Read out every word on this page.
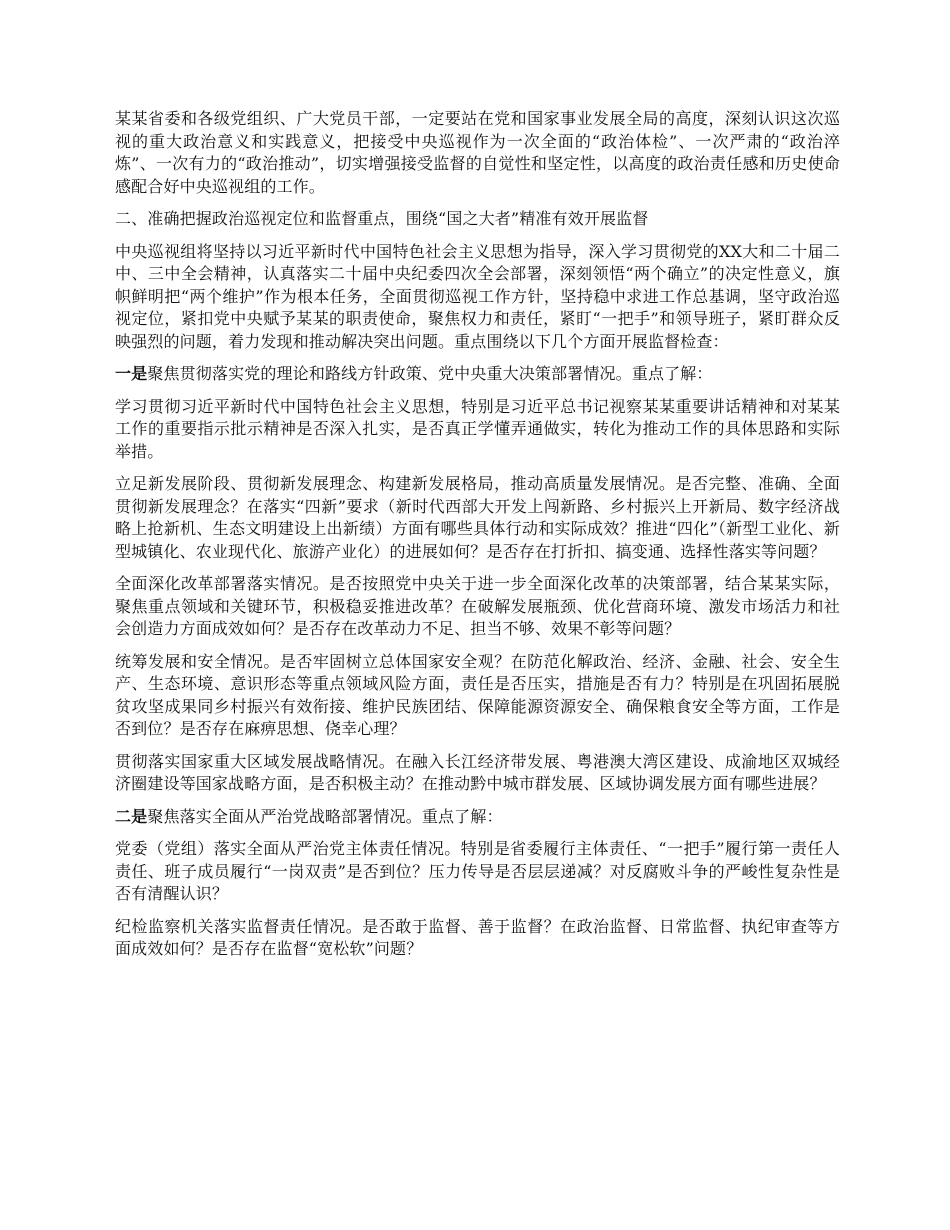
某某省委和各级党组织、广大党员干部，一定要站在党和国家事业发展全局的高度，深刻认识这次巡视的重大政治意义和实践意义，把接受中央巡视作为一次全面的“政治体检”、一次严肃的“政治淬炼”、一次有力的“政治推动”，切实增强接受监督的自觉性和坚定性，以高度的政治责任感和历史使命感配合好中央巡视组的工作。

二、准确把握政治巡视定位和监督重点，围绕“国之大者”精准有效开展监督

中央巡视组将坚持以习近平新时代中国特色社会主义思想为指导，深入学习贯彻党的XX大和二十届二中、三中全会精神，认真落实二十届中央纪委四次全会部署，深刻领悟“两个确立”的决定性意义，旗帜鲜明把“两个维护”作为根本任务，全面贯彻巡视工作方针，坚持稳中求进工作总基调，坚守政治巡视定位，紧扣党中央赋予某某的职责使命，聚焦权力和责任，紧盯“一把手”和领导班子，紧盯群众反映强烈的问题，着力发现和推动解决突出问题。重点围绕以下几个方面开展监督检查：

一是聚焦贯彻落实党的理论和路线方针政策、党中央重大决策部署情况。重点了解：

学习贯彻习近平新时代中国特色社会主义思想，特别是习近平总书记视察某某重要讲话精神和对某某工作的重要指示批示精神是否深入扎实，是否真正学懂弄通做实，转化为推动工作的具体思路和实际举措。

立足新发展阶段、贯彻新发展理念、构建新发展格局，推动高质量发展情况。是否完整、准确、全面贯彻新发展理念？在落实“四新”要求（新时代西部大开发上闯新路、乡村振兴上开新局、数字经济战略上抢新机、生态文明建设上出新绩）方面有哪些具体行动和实际成效？推进“四化”（新型工业化、新型城镇化、农业现代化、旅游产业化）的进展如何？是否存在打折扣、搞变通、选择性落实等问题？

全面深化改革部署落实情况。是否按照党中央关于进一步全面深化改革的决策部署，结合某某实际，聚焦重点领域和关键环节，积极稳妥推进改革？在破解发展瓶颈、优化营商环境、激发市场活力和社会创造力方面成效如何？是否存在改革动力不足、担当不够、效果不彰等问题？

统筹发展和安全情况。是否牢固树立总体国家安全观？在防范化解政治、经济、金融、社会、安全生产、生态环境、意识形态等重点领域风险方面，责任是否压实，措施是否有力？特别是在巩固拓展脱贫攻坚成果同乡村振兴有效衔接、维护民族团结、保障能源资源安全、确保粮食安全等方面，工作是否到位？是否存在麻痹思想、侥幸心理？

贯彻落实国家重大区域发展战略情况。在融入长江经济带发展、粤港澳大湾区建设、成渝地区双城经济圈建设等国家战略方面，是否积极主动？在推动黔中城市群发展、区域协调发展方面有哪些进展？

二是聚焦落实全面从严治党战略部署情况。重点了解：

党委（党组）落实全面从严治党主体责任情况。特别是省委履行主体责任、“一把手”履行第一责任人责任、班子成员履行“一岗双责”是否到位？压力传导是否层层递减？对反腐败斗争的严峻性复杂性是否有清醒认识？

纪检监察机关落实监督责任情况。是否敢于监督、善于监督？在政治监督、日常监督、执纪审查等方面成效如何？是否存在监督“宽松软”问题？
